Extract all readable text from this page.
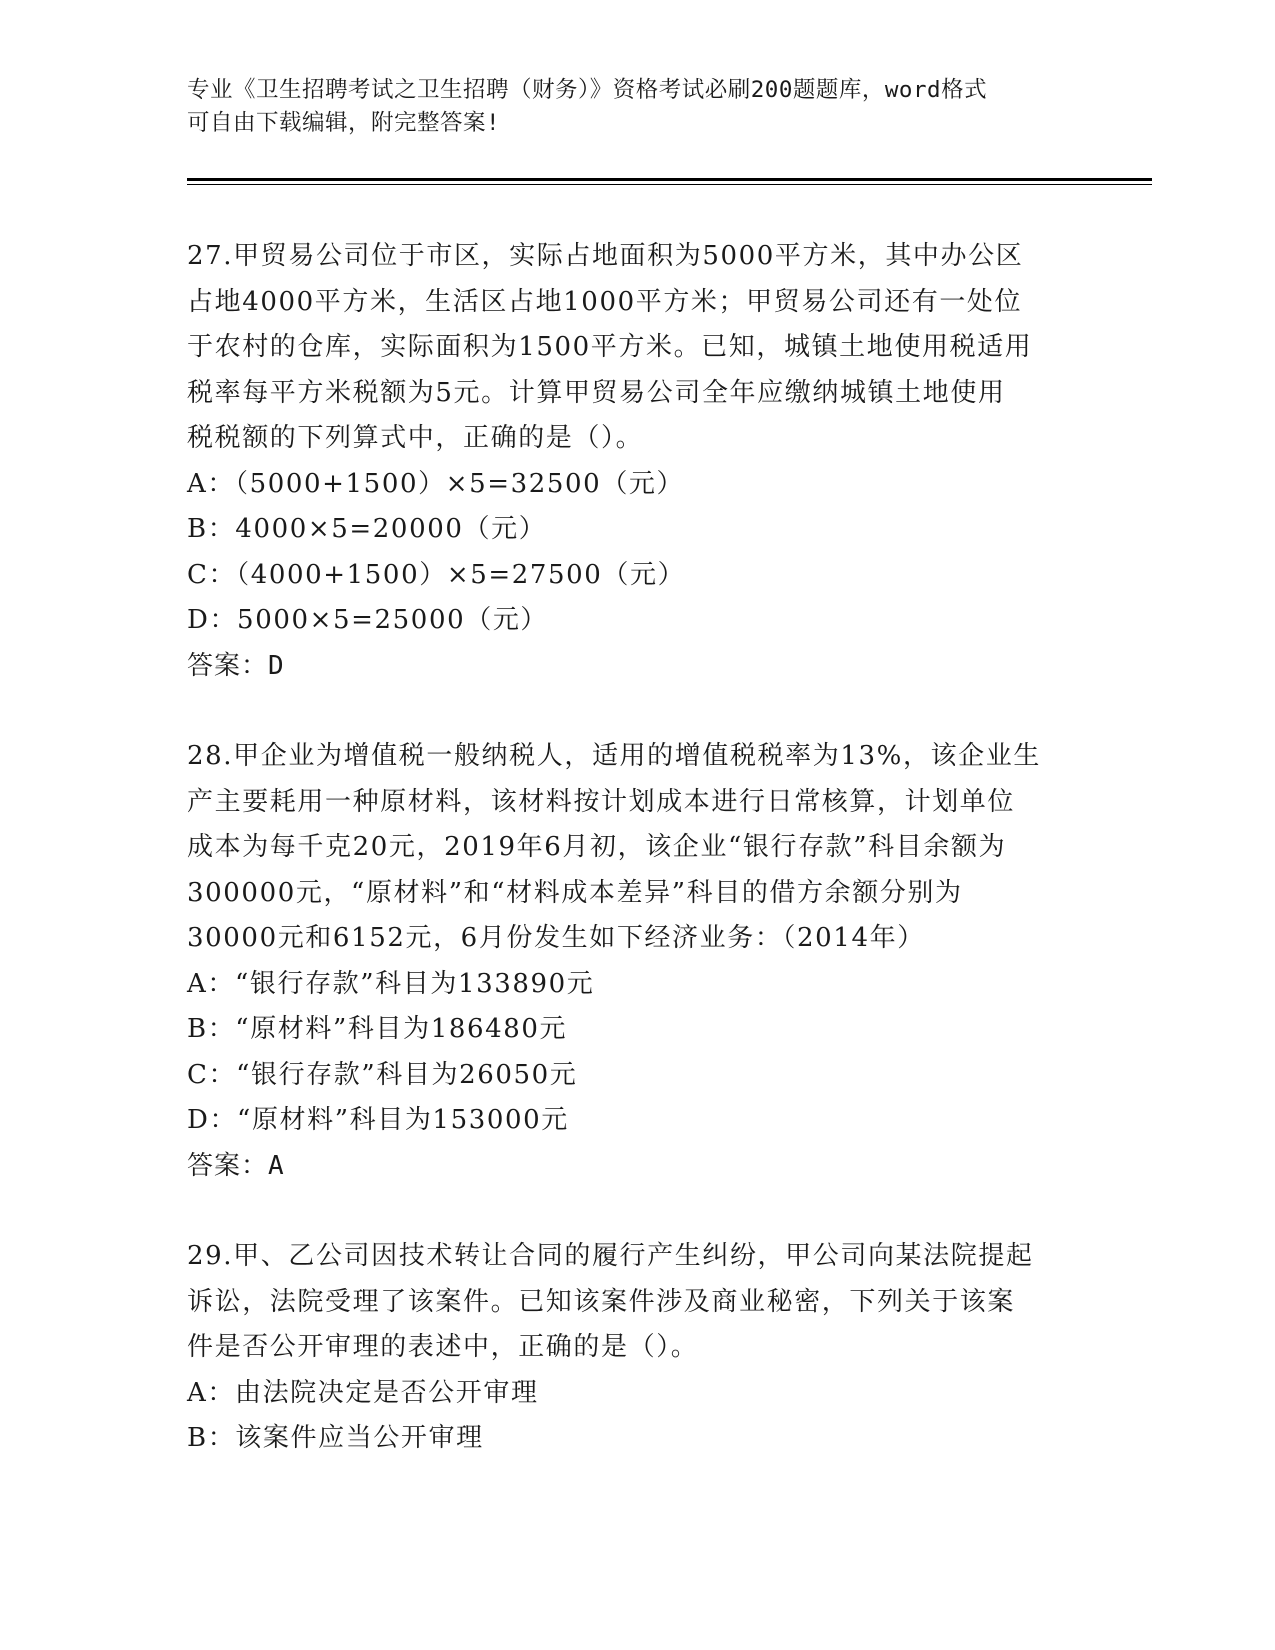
专业《卫生招聘考试之卫生招聘（财务）》资格考试必刷200题题库，word格式

可自由下载编辑，附完整答案!

27.甲贸易公司位于市区，实际占地面积为5000平方米，其中办公区

占地4000平方米，生活区占地1000平方米；甲贸易公司还有一处位

于农村的仓库，实际面积为1500平方米。已知，城镇土地使用税适用

税率每平方米税额为5元。计算甲贸易公司全年应缴纳城镇土地使用

税税额的下列算式中，正确的是（）。

A：（5000+1500）×5=32500（元）

B：4000×5=20000（元）

C：（4000+1500）×5=27500（元）

D：5000×5=25000（元）

答案：D

28.甲企业为增值税一般纳税人，适用的增值税税率为13%，该企业生

产主要耗用一种原材料，该材料按计划成本进行日常核算，计划单位

成本为每千克20元，2019年6月初，该企业“银行存款”科目余额为

300000元，“原材料”和“材料成本差异”科目的借方余额分别为

30000元和6152元，6月份发生如下经济业务：（2014年）

A：“银行存款”科目为133890元

B：“原材料”科目为186480元

C：“银行存款”科目为26050元

D：“原材料”科目为153000元

答案：A

29.甲、乙公司因技术转让合同的履行产生纠纷，甲公司向某法院提起

诉讼，法院受理了该案件。已知该案件涉及商业秘密，下列关于该案

件是否公开审理的表述中，正确的是（）。

A：由法院决定是否公开审理

B：该案件应当公开审理
